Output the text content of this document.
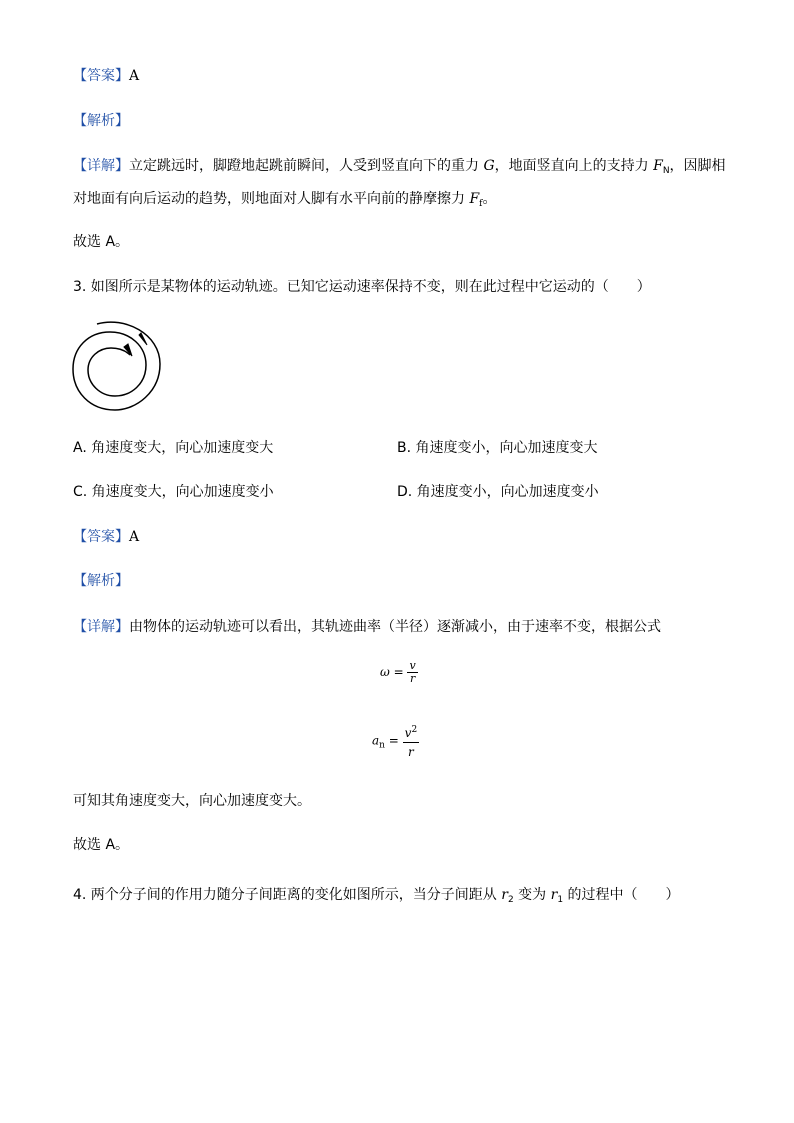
【答案】A
【解析】
【详解】立定跳远时，脚蹬地起跳前瞬间，人受到竖直向下的重力 G，地面竖直向上的支持力 $F_N$，因脚相
对地面有向后运动的趋势，则地面对人脚有水平向前的静摩擦力 $F_f$。
故选 A。
3. 如图所示是某物体的运动轨迹。已知它运动速率保持不变，则在此过程中它运动的（　　）
A. 角速度变大，向心加速度变大	B. 角速度变小，向心加速度变大
C. 角速度变大，向心加速度变小	D. 角速度变小，向心加速度变小
【答案】A
【解析】
【详解】由物体的运动轨迹可以看出，其轨迹曲率（半径）逐渐减小，由于速率不变，根据公式
$\omega = \frac{v}{r}$
$a_n = \frac{v^2}{r}$
可知其角速度变大，向心加速度变大。
故选 A。
4. 两个分子间的作用力随分子间距离的变化如图所示，当分子间距从 $r_2$ 变为 $r_1$ 的过程中（　　）
